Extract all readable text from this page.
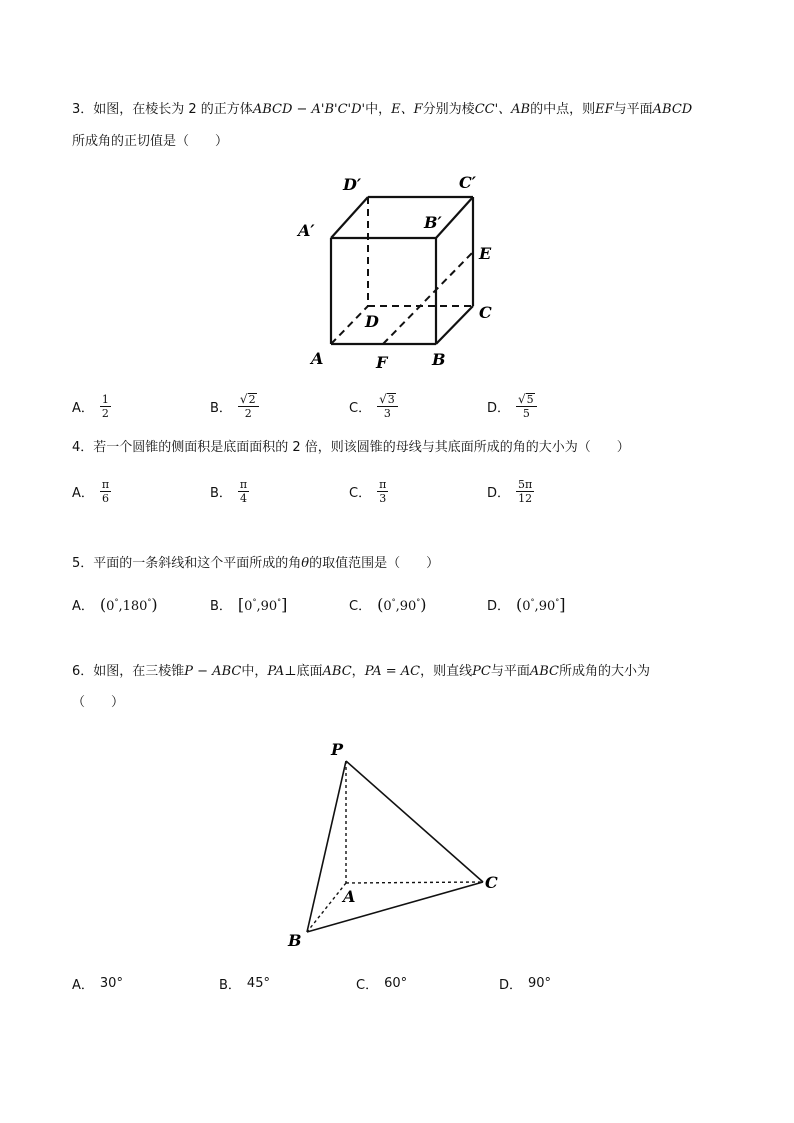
3．如图，在棱长为 2 的正方体ABCD − A'B'C'D'中，E、F分别为棱CC'、AB的中点，则EF与平面ABCD
所成角的正切值是（　　）
D′	C′
A′	B′
E
D	C
A	F	B
A． $\frac{1}{2}$	B． $\frac{√ 2}{2}$	C． $\frac{√ 3}{3}$	D． $\frac{√ 5}{5}$
4．若一个圆锥的侧面积是底面面积的 2 倍，则该圆锥的母线与其底面所成的角的大小为（　　）
A． $\frac{\pi}{6}$	B． $\frac{\pi}{4}$	C． $\frac{\pi}{3}$	D． $\frac{5\pi}{12}$
5．平面的一条斜线和这个平面所成的角θ的取值范围是（　　）
A． (0°,180°)	B． [0°,90°]	C． (0°,90°)	D． (0°,90°]
6．如图，在三棱锥P − ABC中，PA⊥底面ABC，PA = AC，则直线PC与平面ABC所成角的大小为
（　　）
P
A
B
C
A． 30°	B． 45°	C． 60°	D． 90°
